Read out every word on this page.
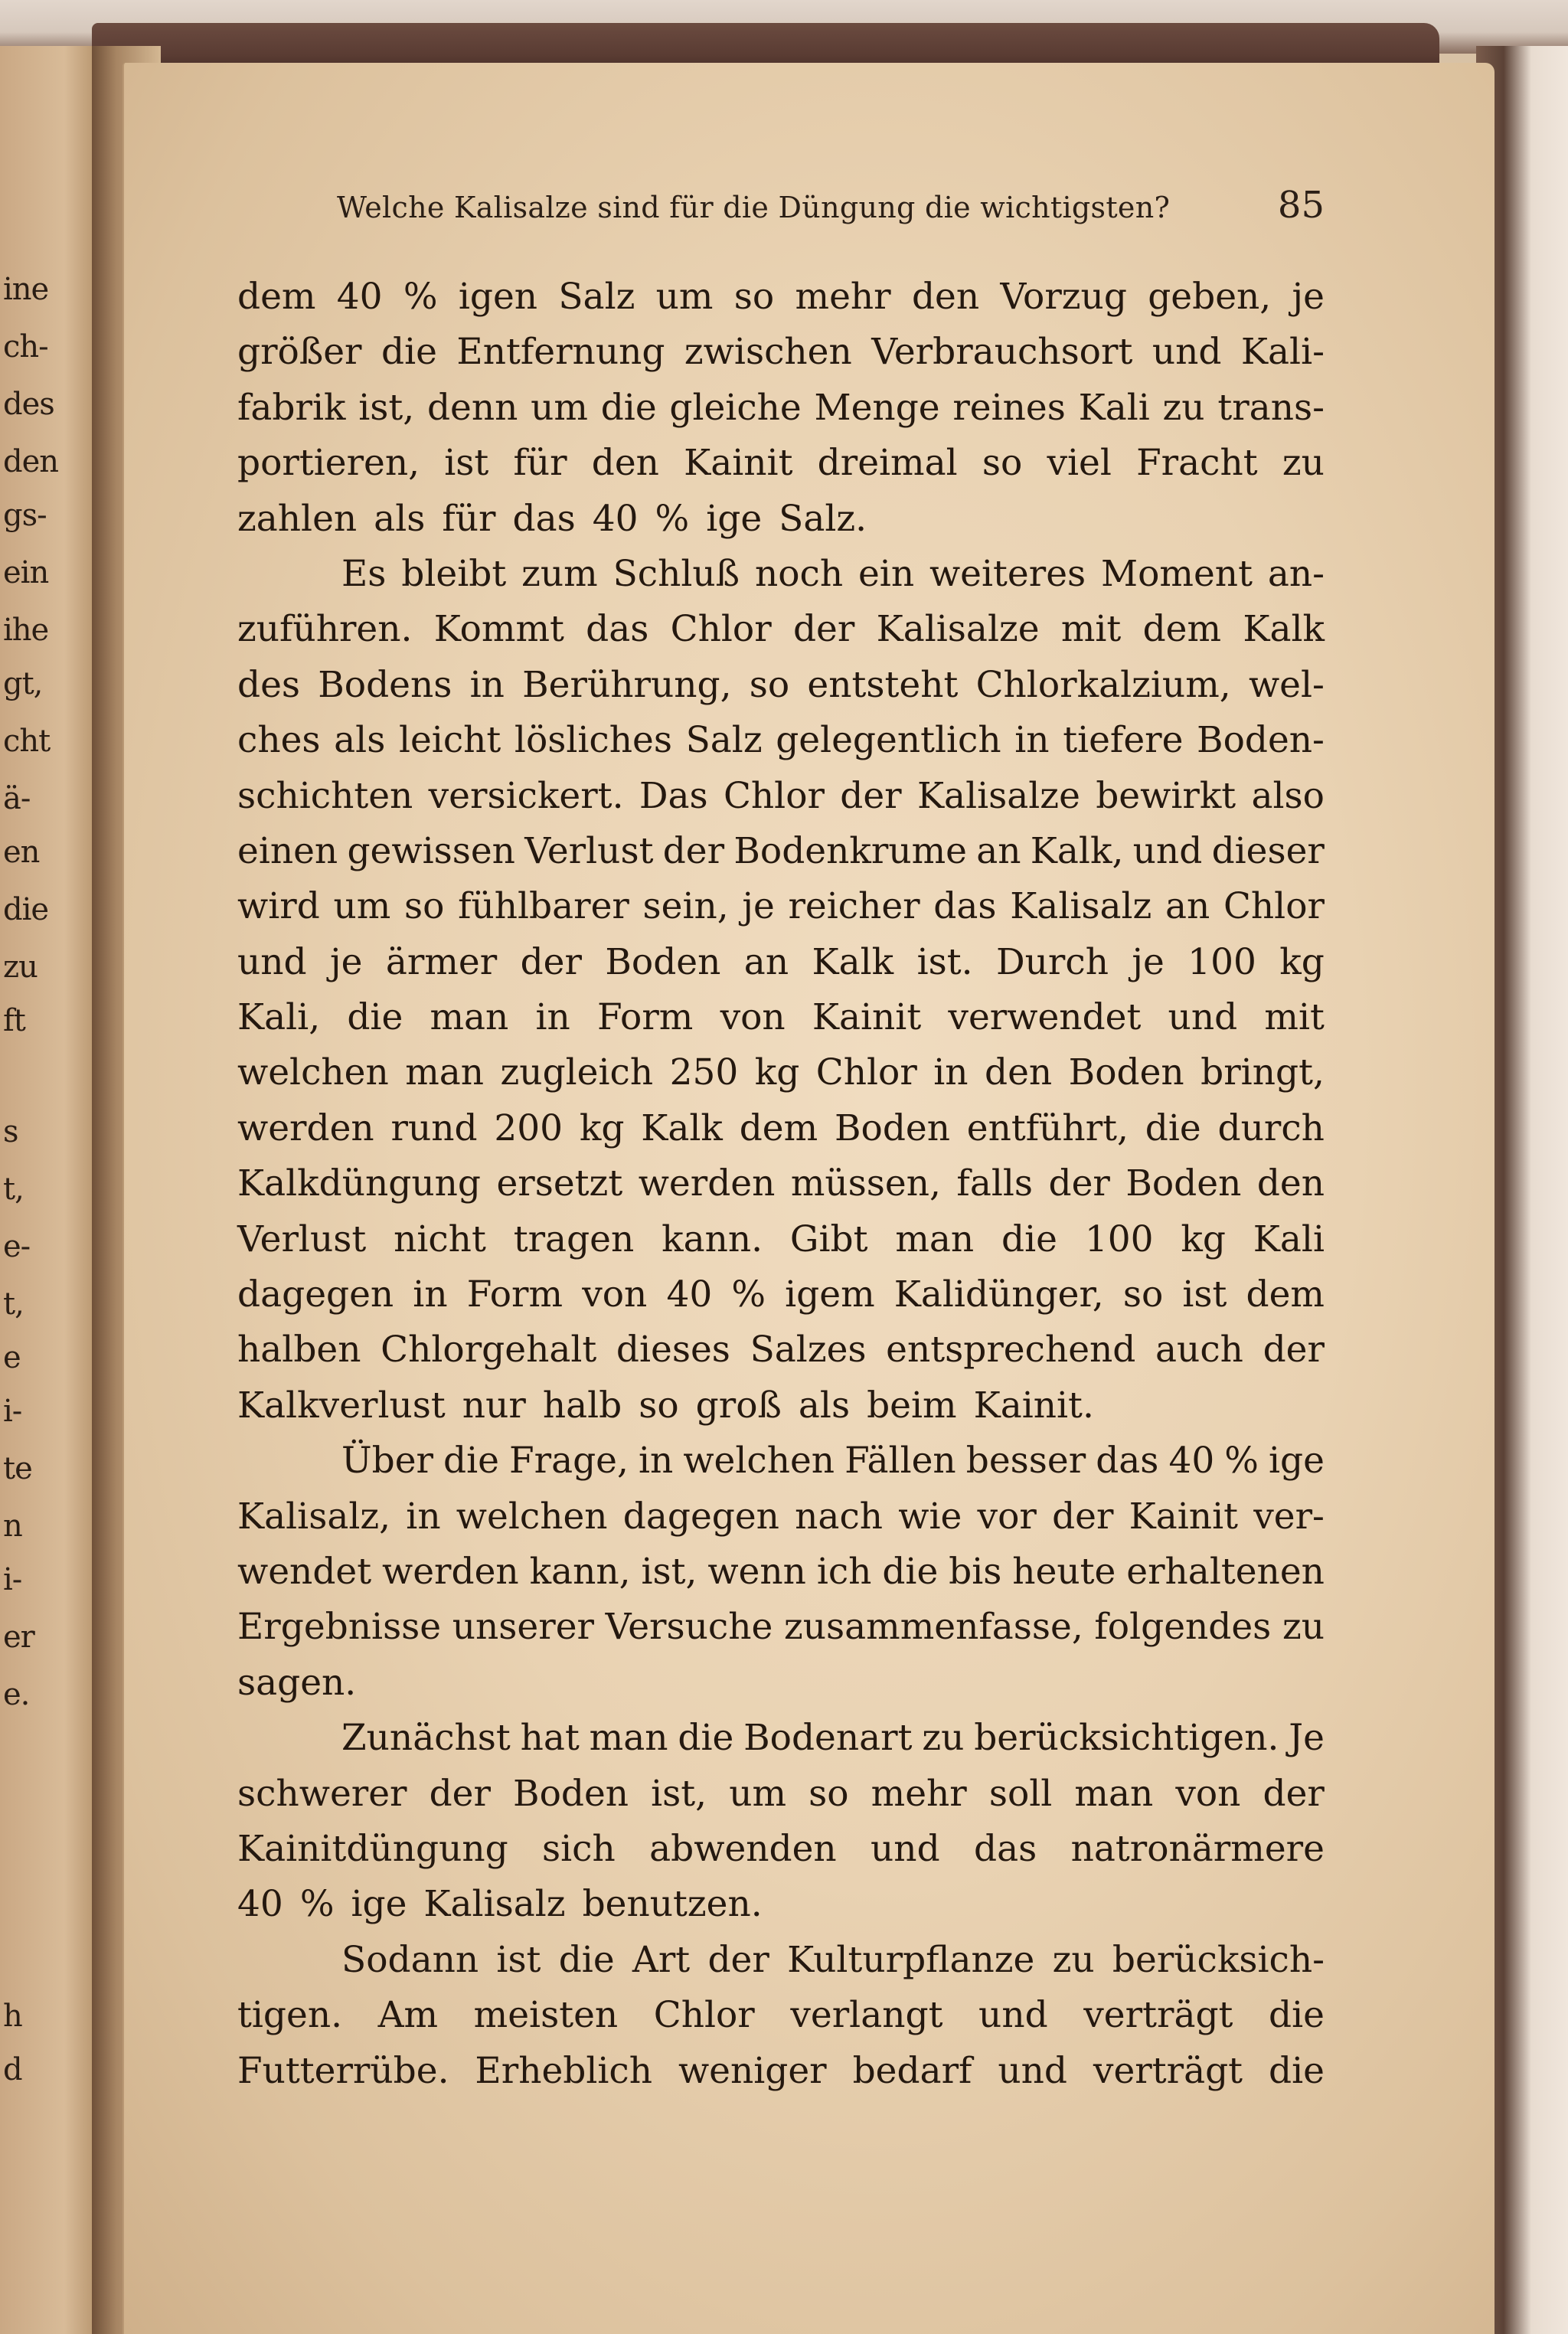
ine
ch-
des
den
gs-
ein
ihe
gt,
cht
ä-
en
die
zu
ft
s
t,
e-
t,
e
i-
te
n
i-
er
e.
h
d
Welche Kalisalze sind für die Düngung die wichtigsten?	85
dem 40 % igen Salz um so mehr den Vorzug geben, je
größer die Entfernung zwischen Verbrauchsort und Kali-
fabrik ist, denn um die gleiche Menge reines Kali zu trans-
portieren, ist für den Kainit dreimal so viel Fracht zu
zahlen als für das 40 % ige Salz.
Es bleibt zum Schluß noch ein weiteres Moment an-
zuführen. Kommt das Chlor der Kalisalze mit dem Kalk
des Bodens in Berührung, so entsteht Chlorkalzium, wel-
ches als leicht lösliches Salz gelegentlich in tiefere Boden-
schichten versickert. Das Chlor der Kalisalze bewirkt also
einen gewissen Verlust der Bodenkrume an Kalk, und dieser
wird um so fühlbarer sein, je reicher das Kalisalz an Chlor
und je ärmer der Boden an Kalk ist. Durch je 100 kg
Kali, die man in Form von Kainit verwendet und mit
welchen man zugleich 250 kg Chlor in den Boden bringt,
werden rund 200 kg Kalk dem Boden entführt, die durch
Kalkdüngung ersetzt werden müssen, falls der Boden den
Verlust nicht tragen kann. Gibt man die 100 kg Kali
dagegen in Form von 40 % igem Kalidünger, so ist dem
halben Chlorgehalt dieses Salzes entsprechend auch der
Kalkverlust nur halb so groß als beim Kainit.
Über die Frage, in welchen Fällen besser das 40 % ige
Kalisalz, in welchen dagegen nach wie vor der Kainit ver-
wendet werden kann, ist, wenn ich die bis heute erhaltenen
Ergebnisse unserer Versuche zusammenfasse, folgendes zu
sagen.
Zunächst hat man die Bodenart zu berücksichtigen. Je
schwerer der Boden ist, um so mehr soll man von der
Kainitdüngung sich abwenden und das natronärmere
40 % ige Kalisalz benutzen.
Sodann ist die Art der Kulturpflanze zu berücksich-
tigen. Am meisten Chlor verlangt und verträgt die
Futterrübe. Erheblich weniger bedarf und verträgt die
